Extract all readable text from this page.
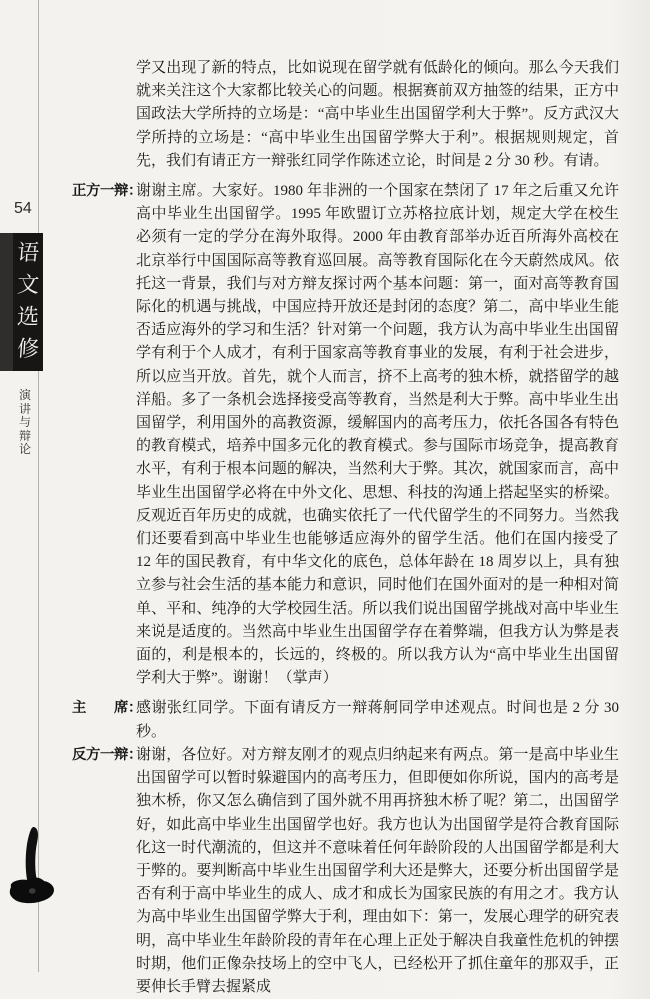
54
语
文
选
修
演
讲
与
辩
论

学又出现了新的特点，比如说现在留学就有低龄化的倾向。那么今天我们就来关注这个大家都比较关心的问题。根据赛前双方抽签的结果，正方中国政法大学所持的立场是：“高中毕业生出国留学利大于弊”。反方武汉大学所持的立场是：“高中毕业生出国留学弊大于利”。根据规则规定，首先，我们有请正方一辩张红同学作陈述立论，时间是 2 分 30 秒。有请。

正方一辩：
谢谢主席。大家好。1980 年非洲的一个国家在禁闭了 17 年之后重又允许高中毕业生出国留学。1995 年欧盟订立苏格拉底计划，规定大学在校生必须有一定的学分在海外取得。2000 年由教育部举办近百所海外高校在北京举行中国国际高等教育巡回展。高等教育国际化在今天蔚然成风。依托这一背景，我们与对方辩友探讨两个基本问题：第一，面对高等教育国际化的机遇与挑战，中国应持开放还是封闭的态度？第二，高中毕业生能否适应海外的学习和生活？针对第一个问题，我方认为高中毕业生出国留学有利于个人成才，有利于国家高等教育事业的发展，有利于社会进步，所以应当开放。首先，就个人而言，挤不上高考的独木桥，就搭留学的越洋船。多了一条机会选择接受高等教育，当然是利大于弊。高中毕业生出国留学，利用国外的高教资源，缓解国内的高考压力，依托各国各有特色的教育模式，培养中国多元化的教育模式。参与国际市场竞争，提高教育水平，有利于根本问题的解决，当然利大于弊。其次，就国家而言，高中毕业生出国留学必将在中外文化、思想、科技的沟通上搭起坚实的桥梁。反观近百年历史的成就，也确实依托了一代代留学生的不同努力。当然我们还要看到高中毕业生也能够适应海外的留学生活。他们在国内接受了 12 年的国民教育，有中华文化的底色，总体年龄在 18 周岁以上，具有独立参与社会生活的基本能力和意识，同时他们在国外面对的是一种相对简单、平和、纯净的大学校园生活。所以我们说出国留学挑战对高中毕业生来说是适度的。当然高中毕业生出国留学存在着弊端，但我方认为弊是表面的，利是根本的，长远的，终极的。所以我方认为“高中毕业生出国留学利大于弊”。谢谢！（掌声）

主　　席：
感谢张红同学。下面有请反方一辩蒋舸同学申述观点。时间也是 2 分 30 秒。

反方一辩：
谢谢，各位好。对方辩友刚才的观点归纳起来有两点。第一是高中毕业生出国留学可以暂时躲避国内的高考压力，但即便如你所说，国内的高考是独木桥，你又怎么确信到了国外就不用再挤独木桥了呢？第二，出国留学好，如此高中毕业生出国留学也好。我方也认为出国留学是符合教育国际化这一时代潮流的，但这并不意味着任何年龄阶段的人出国留学都是利大于弊的。要判断高中毕业生出国留学利大还是弊大，还要分析出国留学是否有利于高中毕业生的成人、成才和成长为国家民族的有用之才。我方认为高中毕业生出国留学弊大于利，理由如下：第一，发展心理学的研究表明，高中毕业生年龄阶段的青年在心理上正处于解决自我童性危机的钟摆时期，他们正像杂技场上的空中飞人，已经松开了抓住童年的那双手，正要伸长手臂去握紧成
